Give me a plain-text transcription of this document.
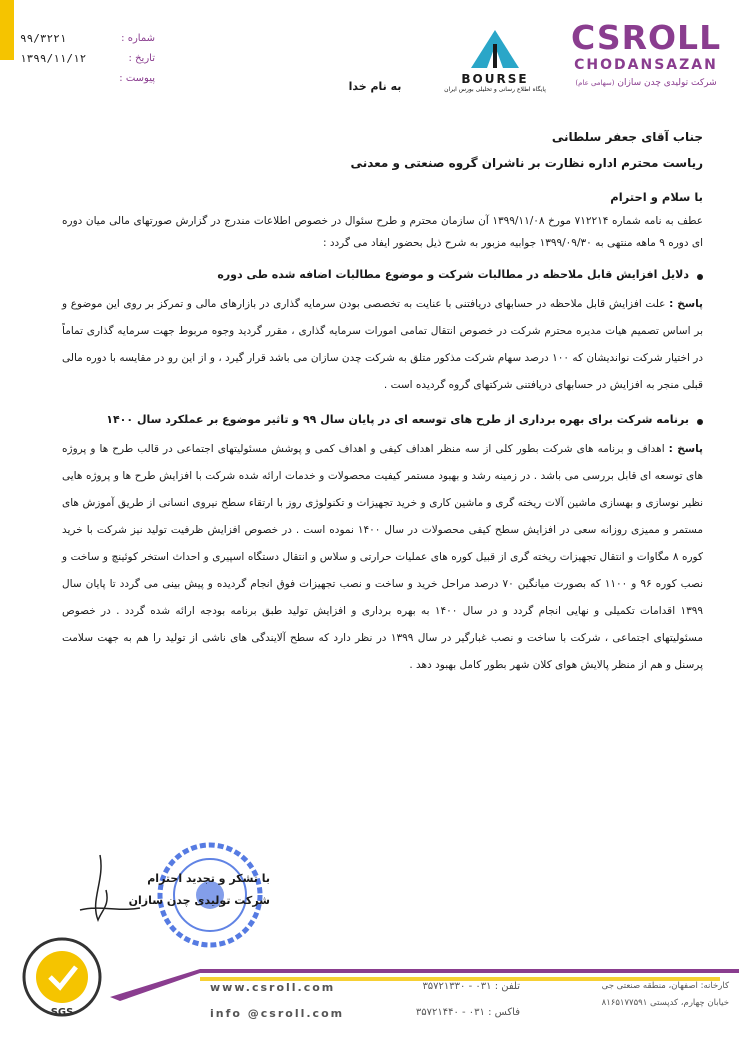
CSROLL
CHODANSAZAN
شرکت تولیدی چدن سازان (سهامی عام)
BOURSE
پایگاه اطلاع رسانی و تحلیلی بورس ایران
به نام خدا
شماره :
۹۹/۳۲۲۱
تاریخ :
۱۳۹۹/۱۱/۱۲
پیوست :
جناب آقای جعفر سلطانی
ریاست محترم اداره نظارت بر ناشران گروه صنعتی و معدنی
با سلام و احترام

عطف به نامه شماره ۷۱۲۲۱۴ مورخ ۱۳۹۹/۱۱/۰۸ آن سازمان محترم و طرح سئوال در خصوص اطلاعات مندرج در گزارش صورتهای مالی میان دوره ای دوره ۹ ماهه منتهی به ۱۳۹۹/۰۹/۳۰ جوابیه مزبور به شرح ذیل بحضور ایفاد می گردد :

دلایل افزایش قابل ملاحظه در مطالبات شرکت و موضوع مطالبات اضافه شده طی دوره

پاسخ : علت افزایش قابل ملاحظه در حسابهای دریافتنی با عنایت به تخصصی بودن سرمایه گذاری در بازارهای مالی و تمرکز بر روی این موضوع و بر اساس تصمیم هیات مدیره محترم شرکت در خصوص انتقال تمامی امورات سرمایه گذاری ، مقرر گردید وجوه مربوط جهت سرمایه گذاری تماماً در اختیار شرکت نواندیشان که ۱۰۰ درصد سهام شرکت مذکور متلق به شرکت چدن سازان می باشد قرار گیرد ، و از این رو در مقایسه با دوره مالی قبلی منجر به افزایش در حسابهای دریافتنی شرکتهای گروه گردیده است .

برنامه شرکت برای بهره برداری از طرح های توسعه ای در پایان سال ۹۹ و تاثیر موضوع بر عملکرد سال ۱۴۰۰

پاسخ : اهداف و برنامه های شرکت بطور کلی از سه منظر اهداف کیفی و اهداف کمی و پوشش مسئولیتهای اجتماعی در قالب طرح ها و پروژه های توسعه ای قابل بررسی می باشد . در زمینه رشد و بهبود مستمر کیفیت محصولات و خدمات ارائه شده شرکت با افزایش طرح ها و پروژه هایی نظیر نوسازی و بهسازی ماشین آلات ریخته گری و ماشین کاری و خرید تجهیزات و تکنولوژی روز با ارتقاء سطح نیروی انسانی از طریق آموزش های مستمر و ممیزی روزانه سعی در افزایش سطح کیفی محصولات در سال ۱۴۰۰ نموده است . در خصوص افزایش ظرفیت تولید نیز شرکت با خرید کوره ۸ مگاوات و انتقال تجهیزات ریخته گری از قبیل کوره های عملیات حرارتی و سلاس و انتقال دستگاه اسپیری و احداث استخر کوئینچ و ساخت و نصب کوره ۹۶ و ۱۱۰۰ که بصورت میانگین ۷۰ درصد مراحل خرید و ساخت و نصب تجهیزات فوق انجام گردیده و پیش بینی می گردد تا پایان سال ۱۳۹۹ اقدامات تکمیلی و نهایی انجام گردد و در سال ۱۴۰۰ به بهره برداری و افزایش تولید طبق برنامه بودجه ارائه شده گردد . در خصوص مسئولیتهای اجتماعی ، شرکت با ساخت و نصب غبارگیر در سال ۱۳۹۹ در نظر دارد که سطح آلایندگی های ناشی از تولید را هم به جهت سلامت پرسنل و هم از منظر پالایش هوای کلان شهر بطور کامل بهبود دهد .

با تشکر و تجدید احترام
شرکت تولیدی چدن سازان
SGS
www.csroll.com
info @csroll.com
تلفن : ۰۳۱ - ۳۵۷۲۱۳۳۰
فاکس : ۰۳۱ - ۳۵۷۲۱۴۴۰
کارخانه: اصفهان، منطقه صنعتی جی
خیابان چهارم، کدپستی ۸۱۶۵۱۷۷۵۹۱
